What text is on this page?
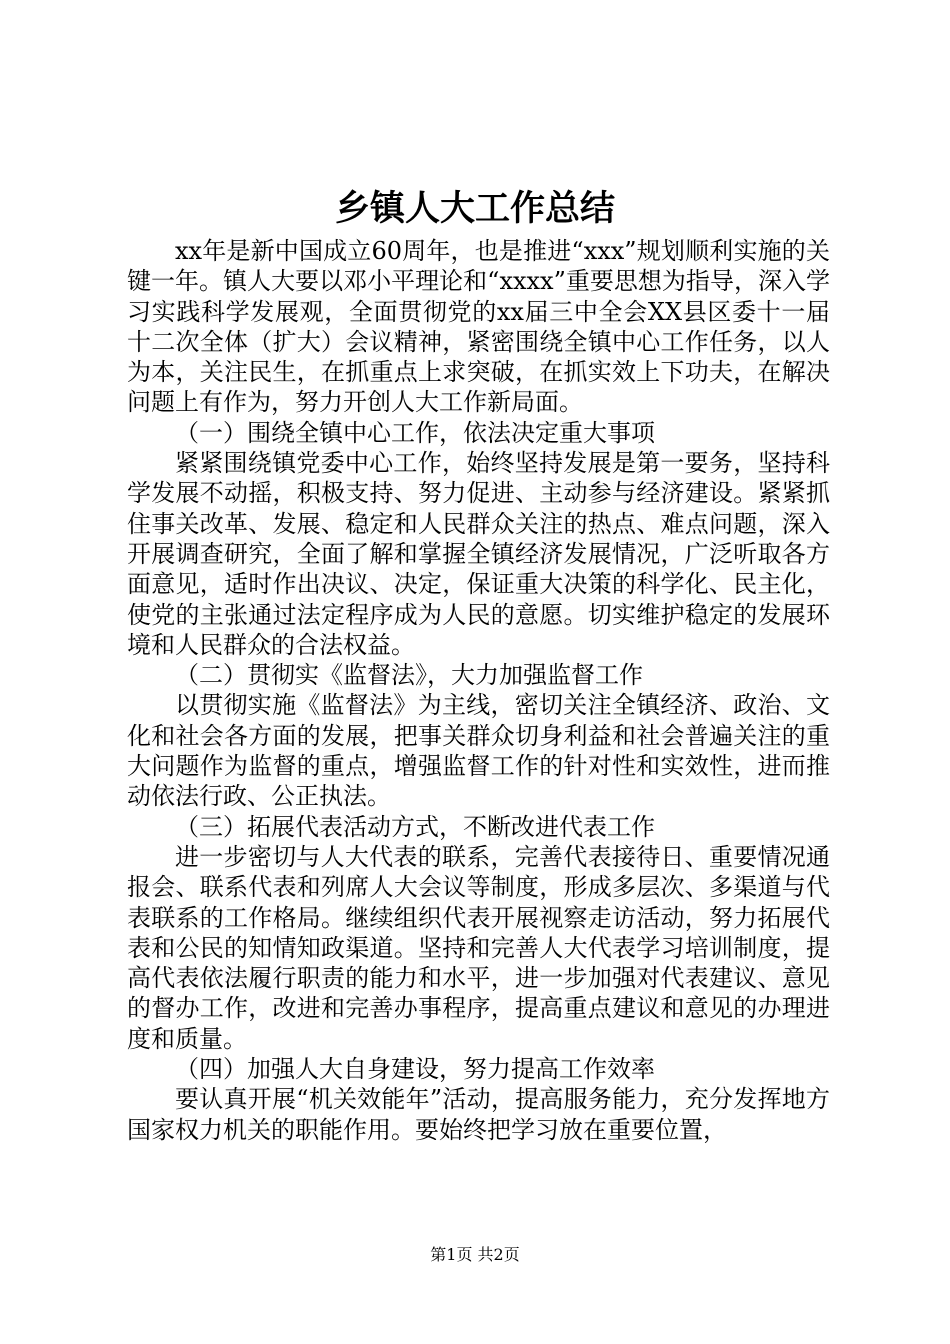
乡镇人大工作总结

xx年是新中国成立60周年，也是推进“xxx”规划顺利实施的关键一年。镇人大要以邓小平理论和“xxxx”重要思想为指导，深入学习实践科学发展观，全面贯彻党的xx届三中全会XX县区委十一届十二次全体（扩大）会议精神，紧密围绕全镇中心工作任务，以人为本，关注民生，在抓重点上求突破，在抓实效上下功夫，在解决问题上有作为，努力开创人大工作新局面。

（一）围绕全镇中心工作，依法决定重大事项

紧紧围绕镇党委中心工作，始终坚持发展是第一要务，坚持科学发展不动摇，积极支持、努力促进、主动参与经济建设。紧紧抓住事关改革、发展、稳定和人民群众关注的热点、难点问题，深入开展调查研究，全面了解和掌握全镇经济发展情况，广泛听取各方面意见，适时作出决议、决定，保证重大决策的科学化、民主化，使党的主张通过法定程序成为人民的意愿。切实维护稳定的发展环境和人民群众的合法权益。

（二）贯彻实《监督法》，大力加强监督工作

以贯彻实施《监督法》为主线，密切关注全镇经济、政治、文化和社会各方面的发展，把事关群众切身利益和社会普遍关注的重大问题作为监督的重点，增强监督工作的针对性和实效性，进而推动依法行政、公正执法。

（三）拓展代表活动方式，不断改进代表工作

进一步密切与人大代表的联系，完善代表接待日、重要情况通报会、联系代表和列席人大会议等制度，形成多层次、多渠道与代表联系的工作格局。继续组织代表开展视察走访活动，努力拓展代表和公民的知情知政渠道。坚持和完善人大代表学习培训制度，提高代表依法履行职责的能力和水平，进一步加强对代表建议、意见的督办工作，改进和完善办事程序，提高重点建议和意见的办理进度和质量。

（四）加强人大自身建设，努力提高工作效率

要认真开展“机关效能年”活动，提高服务能力，充分发挥地方国家权力机关的职能作用。要始终把学习放在重要位置，

第1页 共2页
